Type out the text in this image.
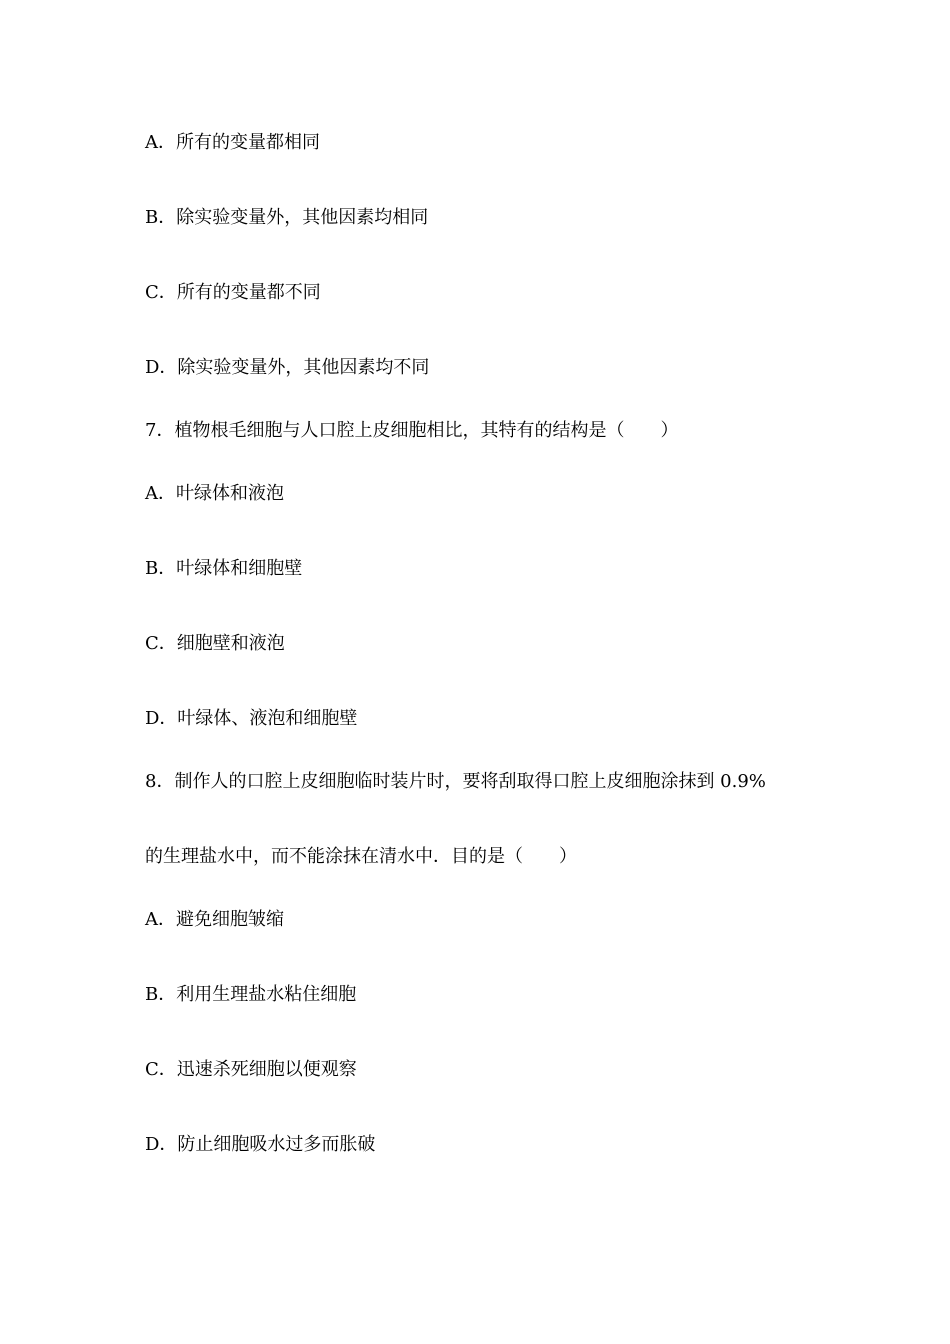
A．所有的变量都相同
B．除实验变量外，其他因素均相同
C．所有的变量都不同
D．除实验变量外，其他因素均不同
7．植物根毛细胞与人口腔上皮细胞相比，其特有的结构是（　　）
A．叶绿体和液泡
B．叶绿体和细胞壁
C．细胞壁和液泡
D．叶绿体、液泡和细胞壁
8．制作人的口腔上皮细胞临时装片时，要将刮取得口腔上皮细胞涂抹到 0.9%
的生理盐水中，而不能涂抹在清水中．目的是（　　）
A．避免细胞皱缩
B．利用生理盐水粘住细胞
C．迅速杀死细胞以便观察
D．防止细胞吸水过多而胀破
